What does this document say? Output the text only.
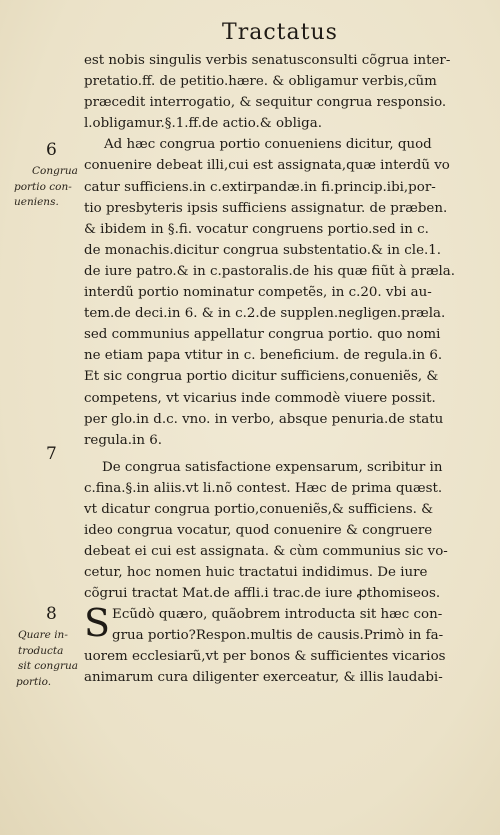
Tractatus
6
Congrua
portio con-
ueniens.
7
8
Quare in-
troducta
sit congrua
portio.
est nobis singulis verbis senatusconsulti cõgrua inter-
pretatio.ff. de petitio.hære. & obligamur verbis,cũm
præcedit interrogatio, & sequitur congrua responsio.
l.obligamur.§.1.ff.de actio.& obliga.
Ad hæc congrua portio conueniens dicitur, quod
conuenire debeat illi,cui est assignata,quæ interdũ vo
catur sufficiens.in c.extirpandæ.in fi.princip.ibi,por-
tio presbyteris ipsis sufficiens assignatur. de præben.
& ibidem in §.fi. vocatur congruens portio.sed in c.
de monachis.dicitur congrua substentatio.& in cle.1.
de iure patro.& in c.pastoralis.de his quæ fiũt à præla.
interdũ portio nominatur competẽs, in c.20. vbi au-
tem.de deci.in 6. & in c.2.de supplen.negligen.præla.
sed communius appellatur congrua portio. quo nomi
ne etiam papa vtitur in c. beneficium. de regula.in 6.
Et sic congrua portio dicitur sufficiens,conueniẽs, &
competens, vt vicarius inde commodè viuere possit.
per glo.in d.c. vno. in verbo, absque penuria.de statu
regula.in 6.
De congrua satisfactione expensarum, scribitur in
c.fina.§.in aliis.vt li.nõ contest. Hæc de prima quæst.
vt dicatur congrua portio,conueniẽs,& sufficiens. &
ideo congrua vocatur, quod conuenire & congruere
debeat ei cui est assignata. & cùm communius sic vo-
cetur, hoc nomen huic tractatui indidimus. De iure
cõgrui tractat Mat.de affli.i trac.de iure ꝓthomiseos.
S Ecũdò quæro, quãobrem introducta sit hæc con-
grua portio?Respon.multis de causis.Primò in fa-
uorem ecclesiarũ,vt per bonos & sufficientes vicarios
animarum cura diligenter exerceatur, & illis laudabi-
